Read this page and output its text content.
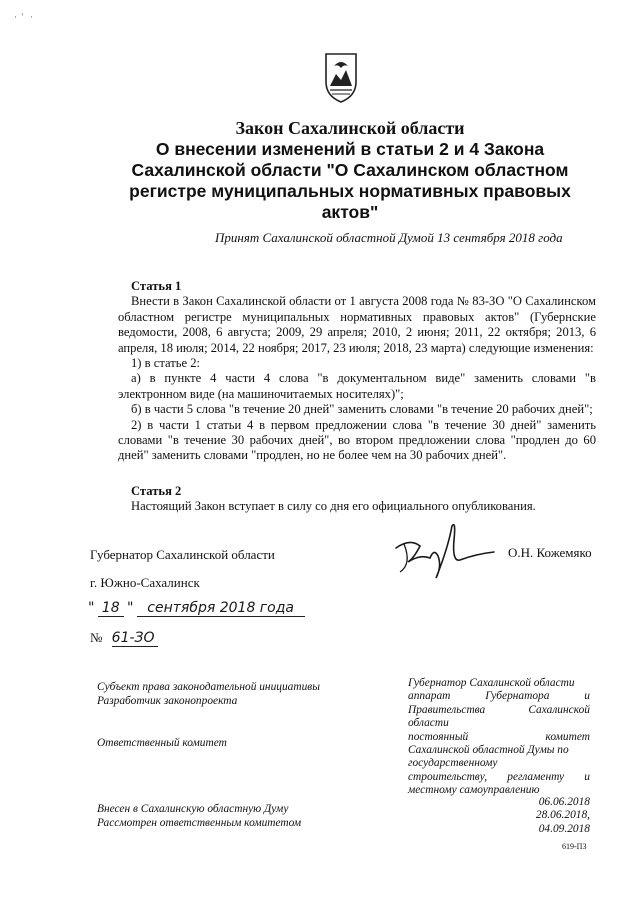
·  '   ·
Закон Сахалинской области
О внесении изменений в статьи 2 и 4 Закона
Сахалинской области "О Сахалинском областном
регистре муниципальных нормативных правовых
актов"
Принят Сахалинской областной Думой 13 сентября 2018 года

Статья 1

Внести в Закон Сахалинской области от 1 августа 2008 года № 83-ЗО "О Сахалинском областном регистре муниципальных нормативных правовых актов" (Губернские ведомости, 2008, 6 августа; 2009, 29 апреля; 2010, 2 июня; 2011, 22 октября; 2013, 6 апреля, 18 июля; 2014, 22 ноября; 2017, 23 июля; 2018, 23 марта) следующие изменения:

1) в статье 2:

а) в пункте 4 части 4 слова "в документальном виде" заменить словами "в электронном виде (на машиночитаемых носителях)";

б) в части 5 слова "в течение 20 дней" заменить словами "в течение 20 рабочих дней";

2) в части 1 статьи 4 в первом предложении слова "в течение 30 дней" заменить словами "в течение 30 рабочих дней", во втором предложении слова "продлен до 60 дней" заменить словами "продлен, но не более чем на 30 рабочих дней".

Статья 2

Настоящий Закон вступает в силу со дня его официального опубликования.

Губернатор Сахалинской области	О.Н. Кожемяко
г. Южно-Сахалинск
" 18 " сентября 2018 года
№ 61-ЗО
Субъект права законодательной инициативы
Разработчик законопроекта
Ответственный комитет
Внесен в Сахалинскую областную Думу
Рассмотрен ответственным комитетом
Губернатор Сахалинской области
аппарат Губернатора и
Правительства Сахалинской
области
постоянный комитет
Сахалинской областной Думы по
государственному
строительству, регламенту и
местному самоуправлению
06.06.2018
28.06.2018,
04.09.2018
619-ПЗ
